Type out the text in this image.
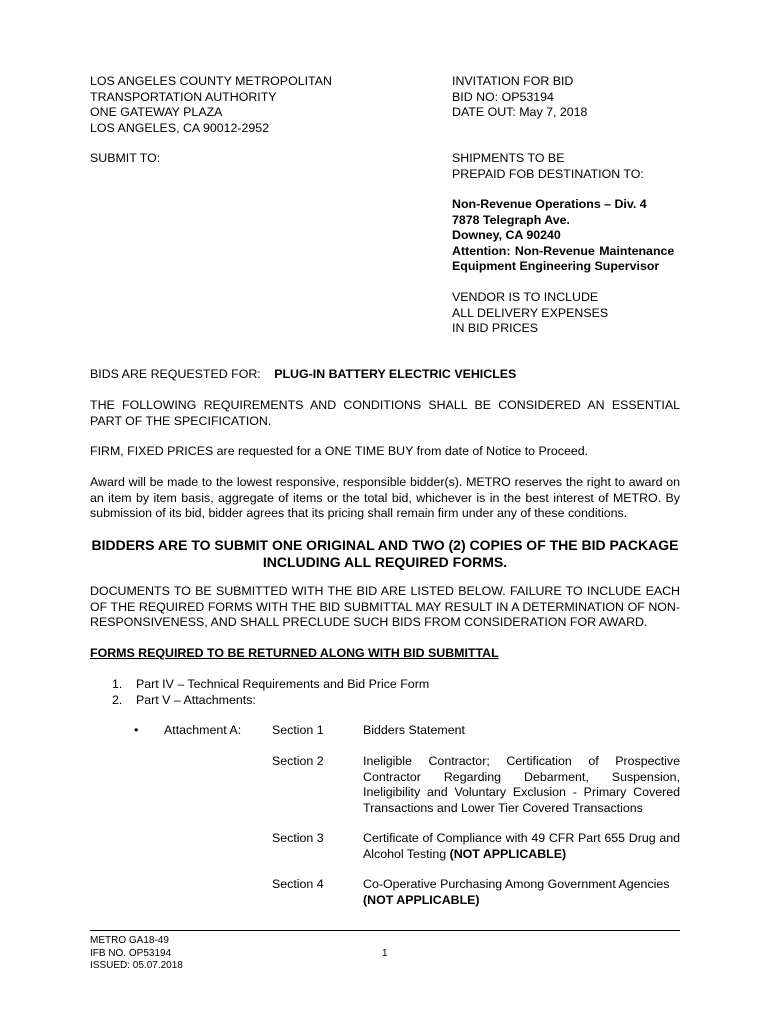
LOS ANGELES COUNTY METROPOLITAN
TRANSPORTATION AUTHORITY
ONE GATEWAY PLAZA
LOS ANGELES, CA 90012-2952
INVITATION FOR BID
BID NO: OP53194
DATE OUT: May 7, 2018
SUBMIT TO:	SHIPMENTS TO BE
PREPAID FOB DESTINATION TO:
Non-Revenue Operations – Div. 4
7878 Telegraph Ave.
Downey, CA 90240
Attention: Non-Revenue Maintenance
Equipment Engineering Supervisor
VENDOR IS TO INCLUDE
ALL DELIVERY EXPENSES
IN BID PRICES
BIDS ARE REQUESTED FOR: PLUG-IN BATTERY ELECTRIC VEHICLES
THE FOLLOWING REQUIREMENTS AND CONDITIONS SHALL BE CONSIDERED AN ESSENTIAL PART OF THE SPECIFICATION.
FIRM, FIXED PRICES are requested for a ONE TIME BUY from date of Notice to Proceed.
Award will be made to the lowest responsive, responsible bidder(s). METRO reserves the right to award on an item by item basis, aggregate of items or the total bid, whichever is in the best interest of METRO. By submission of its bid, bidder agrees that its pricing shall remain firm under any of these conditions.
BIDDERS ARE TO SUBMIT ONE ORIGINAL AND TWO (2) COPIES OF THE BID PACKAGE
INCLUDING ALL REQUIRED FORMS.
DOCUMENTS TO BE SUBMITTED WITH THE BID ARE LISTED BELOW. FAILURE TO INCLUDE EACH OF THE REQUIRED FORMS WITH THE BID SUBMITTAL MAY RESULT IN A DETERMINATION OF NON-RESPONSIVENESS, AND SHALL PRECLUDE SUCH BIDS FROM CONSIDERATION FOR AWARD.
FORMS REQUIRED TO BE RETURNED ALONG WITH BID SUBMITTAL
1. Part IV – Technical Requirements and Bid Price Form
2. Part V – Attachments:
• Attachment A: Section 1	Bidders Statement
Section 2	Ineligible Contractor; Certification of Prospective Contractor Regarding Debarment, Suspension, Ineligibility and Voluntary Exclusion - Primary Covered Transactions and Lower Tier Covered Transactions
Section 3	Certificate of Compliance with 49 CFR Part 655 Drug and Alcohol Testing (NOT APPLICABLE)
Section 4	Co-Operative Purchasing Among Government Agencies
(NOT APPLICABLE)
METRO GA18-49
IFB NO. OP53194
ISSUED: 05.07.2018
1
